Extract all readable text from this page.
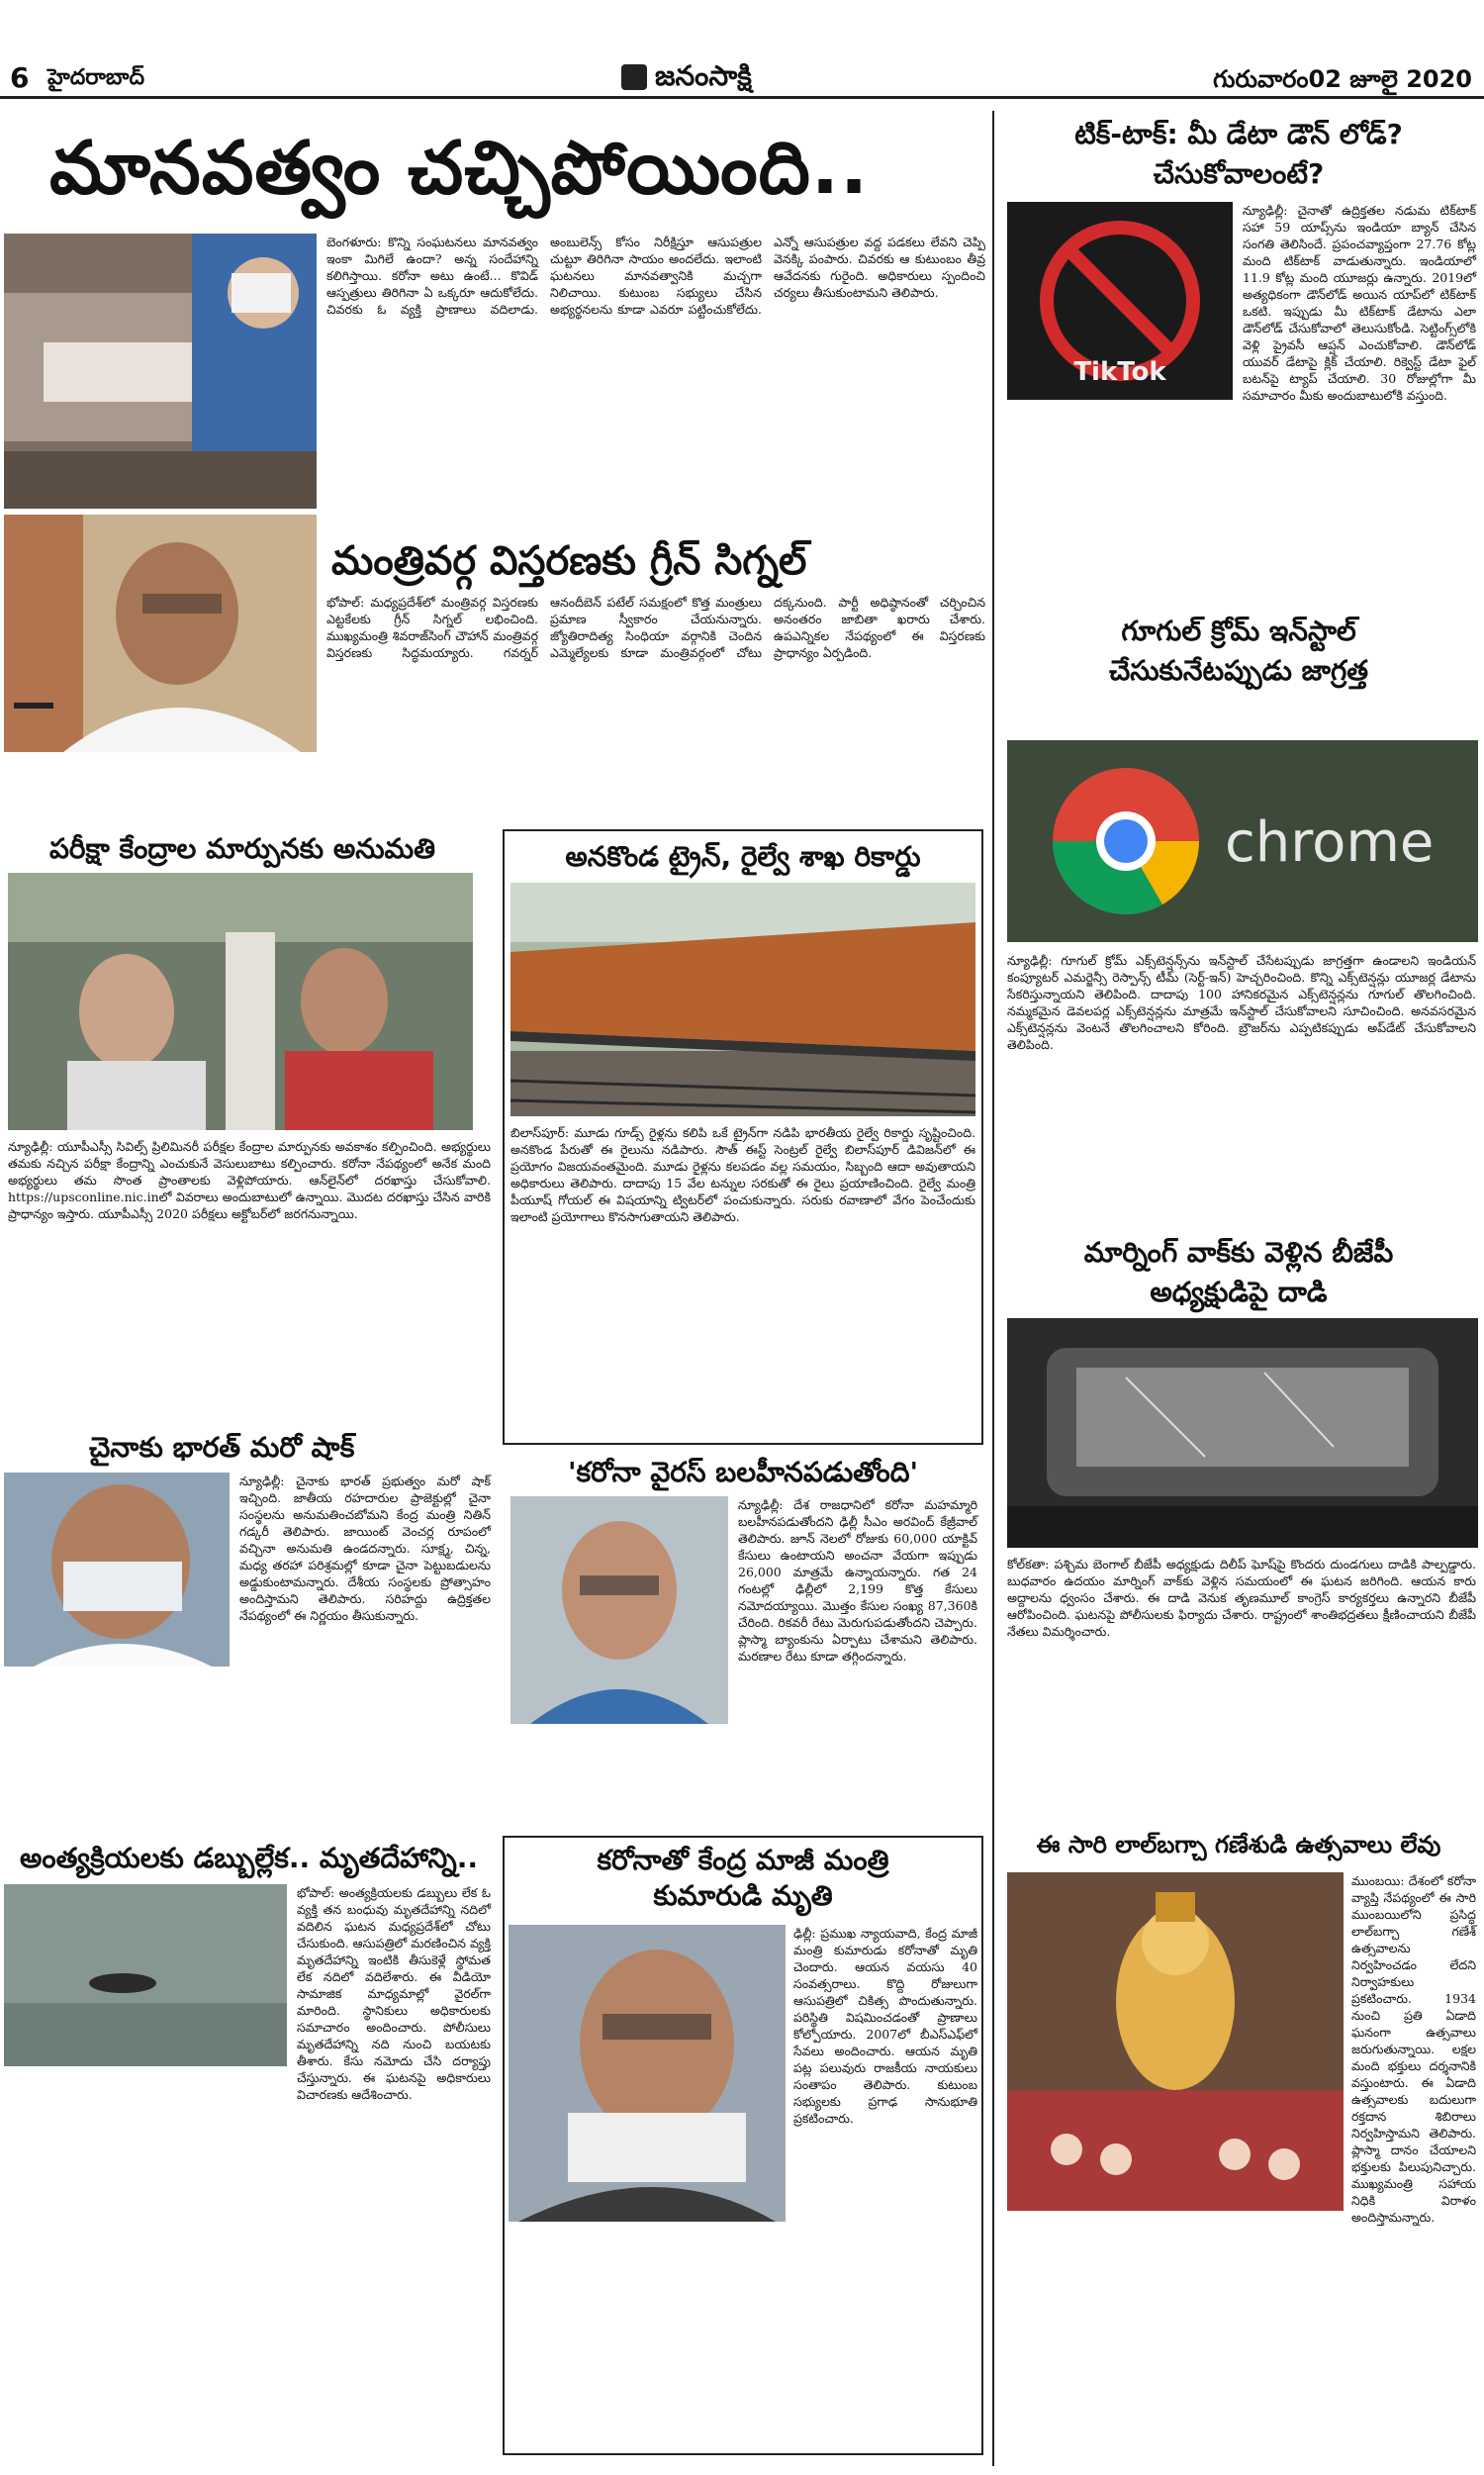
6 హైదరాబాద్‌	జనంసాక్షి	గురువారం02 జూలై 2020
మానవత్వం చచ్చిపోయింది..
బెంగళూరు: కొన్ని సంఘటనలు మానవత్వం ఇంకా మిగిలే ఉందా? అన్న సందేహాన్ని కలిగిస్తాయి. కరోనా అటు ఉంటే... కొవిడ్‌ ఆస్పత్రులు తిరిగినా ఏ ఒక్కరూ ఆదుకోలేదు. చివరకు ఓ వ్యక్తి ప్రాణాలు వదిలాడు. అంబులెన్స్‌ కోసం నిరీక్షిస్తూ ఆసుపత్రుల చుట్టూ తిరిగినా సాయం అందలేదు. ఇలాంటి ఘటనలు మానవత్వానికి మచ్చగా నిలిచాయి. కుటుంబ సభ్యులు చేసిన అభ్యర్థనలను కూడా ఎవరూ పట్టించుకోలేదు. ఎన్నో ఆసుపత్రుల వద్ద పడకలు లేవని చెప్పి వెనక్కి పంపారు. చివరకు ఆ కుటుంబం తీవ్ర ఆవేదనకు గురైంది. అధికారులు స్పందించి చర్యలు తీసుకుంటామని తెలిపారు.
మంత్రివర్గ విస్తరణకు గ్రీన్‌ సిగ్నల్‌
భోపాల్‌: మధ్యప్రదేశ్‌లో మంత్రివర్గ విస్తరణకు ఎట్టకేలకు గ్రీన్‌ సిగ్నల్‌ లభించింది. ముఖ్యమంత్రి శివరాజ్‌సింగ్‌ చౌహాన్‌ మంత్రివర్గ విస్తరణకు సిద్ధమయ్యారు. గవర్నర్‌ ఆనందీబెన్‌ పటేల్‌ సమక్షంలో కొత్త మంత్రులు ప్రమాణ స్వీకారం చేయనున్నారు. జ్యోతిరాదిత్య సింధియా వర్గానికి చెందిన ఎమ్మెల్యేలకు కూడా మంత్రివర్గంలో చోటు దక్కనుంది. పార్టీ అధిష్ఠానంతో చర్చించిన అనంతరం జాబితా ఖరారు చేశారు. ఉపఎన్నికల నేపథ్యంలో ఈ విస్తరణకు ప్రాధాన్యం ఏర్పడింది.
పరీక్షా కేంద్రాల మార్పునకు అనుమతి
న్యూఢిల్లీ: యూపీఎస్సీ సివిల్స్‌ ప్రిలిమినరీ పరీక్షల కేంద్రాల మార్పునకు అవకాశం కల్పించింది. అభ్యర్థులు తమకు నచ్చిన పరీక్షా కేంద్రాన్ని ఎంచుకునే వెసులుబాటు కల్పించారు. కరోనా నేపథ్యంలో అనేక మంది అభ్యర్థులు తమ సొంత ప్రాంతాలకు వెళ్లిపోయారు. ఆన్‌లైన్‌లో దరఖాస్తు చేసుకోవాలి. https://upsconline.nic.inలో వివరాలు అందుబాటులో ఉన్నాయి. మొదట దరఖాస్తు చేసిన వారికి ప్రాధాన్యం ఇస్తారు. యూపీఎస్సీ 2020 పరీక్షలు అక్టోబర్‌లో జరగనున్నాయి.
అనకొండ ట్రైన్‌, రైల్వే శాఖ రికార్డు
బిలాస్‌పూర్‌: మూడు గూడ్స్‌ రైళ్లను కలిపి ఒకే ట్రైన్‌గా నడిపి భారతీయ రైల్వే రికార్డు సృష్టించింది. అనకొండ పేరుతో ఈ రైలును నడిపారు. సౌత్‌ ఈస్ట్‌ సెంట్రల్‌ రైల్వే బిలాస్‌పూర్‌ డివిజన్‌లో ఈ ప్రయోగం విజయవంతమైంది. మూడు రైళ్లను కలపడం వల్ల సమయం, సిబ్బంది ఆదా అవుతాయని అధికారులు తెలిపారు. దాదాపు 15 వేల టన్నుల సరకుతో ఈ రైలు ప్రయాణించింది. రైల్వే మంత్రి పీయూష్‌ గోయల్‌ ఈ విషయాన్ని ట్విటర్‌లో పంచుకున్నారు. సరుకు రవాణాలో వేగం పెంచేందుకు ఇలాంటి ప్రయోగాలు కొనసాగుతాయని తెలిపారు.
చైనాకు భారత్‌ మరో షాక్‌
న్యూఢిల్లీ: చైనాకు భారత్‌ ప్రభుత్వం మరో షాక్‌ ఇచ్చింది. జాతీయ రహదారుల ప్రాజెక్టుల్లో చైనా సంస్థలను అనుమతించబోమని కేంద్ర మంత్రి నితిన్‌ గడ్కరీ తెలిపారు. జాయింట్‌ వెంచర్ల రూపంలో వచ్చినా అనుమతి ఉండదన్నారు. సూక్ష్మ, చిన్న, మధ్య తరహా పరిశ్రమల్లో కూడా చైనా పెట్టుబడులను అడ్డుకుంటామన్నారు. దేశీయ సంస్థలకు ప్రోత్సాహం అందిస్తామని తెలిపారు. సరిహద్దు ఉద్రిక్తతల నేపథ్యంలో ఈ నిర్ణయం తీసుకున్నారు.
'కరోనా వైరస్‌ బలహీనపడుతోంది'
న్యూఢిల్లీ: దేశ రాజధానిలో కరోనా మహమ్మారి బలహీనపడుతోందని ఢిల్లీ సీఎం అరవింద్‌ కేజ్రీవాల్‌ తెలిపారు. జూన్‌ నెలలో రోజుకు 60,000 యాక్టివ్‌ కేసులు ఉంటాయని అంచనా వేయగా ఇప్పుడు 26,000 మాత్రమే ఉన్నాయన్నారు. గత 24 గంటల్లో ఢిల్లీలో 2,199 కొత్త కేసులు నమోదయ్యాయి. మొత్తం కేసుల సంఖ్య 87,360కి చేరింది. రికవరీ రేటు మెరుగుపడుతోందని చెప్పారు. ప్లాస్మా బ్యాంకును ఏర్పాటు చేశామని తెలిపారు. మరణాల రేటు కూడా తగ్గిందన్నారు.
అంత్యక్రియలకు డబ్బుల్లేక.. మృతదేహాన్ని..
భోపాల్‌: అంత్యక్రియలకు డబ్బులు లేక ఓ వ్యక్తి తన బంధువు మృతదేహాన్ని నదిలో వదిలిన ఘటన మధ్యప్రదేశ్‌లో చోటు చేసుకుంది. ఆసుపత్రిలో మరణించిన వ్యక్తి మృతదేహాన్ని ఇంటికి తీసుకెళ్లే స్థోమత లేక నదిలో వదిలేశారు. ఈ వీడియో సామాజిక మాధ్యమాల్లో వైరల్‌గా మారింది. స్థానికులు అధికారులకు సమాచారం అందించారు. పోలీసులు మృతదేహాన్ని నది నుంచి బయటకు తీశారు. కేసు నమోదు చేసి దర్యాప్తు చేస్తున్నారు. ఈ ఘటనపై అధికారులు విచారణకు ఆదేశించారు.
కరోనాతో కేంద్ర మాజీ మంత్రి కుమారుడి మృతి
ఢిల్లీ: ప్రముఖ న్యాయవాది, కేంద్ర మాజీ మంత్రి కుమారుడు కరోనాతో మృతి చెందారు. ఆయన వయసు 40 సంవత్సరాలు. కొద్ది రోజులుగా ఆసుపత్రిలో చికిత్స పొందుతున్నారు. పరిస్థితి విషమించడంతో ప్రాణాలు కోల్పోయారు. 2007లో బీఎస్‌ఎఫ్‌లో సేవలు అందించారు. ఆయన మృతి పట్ల పలువురు రాజకీయ నాయకులు సంతాపం తెలిపారు. కుటుంబ సభ్యులకు ప్రగాఢ సానుభూతి ప్రకటించారు.
టిక్‌-టాక్‌: మీ డేటా డౌన్‌ లోడ్‌?
చేసుకోవాలంటే?
TikTok
న్యూఢిల్లీ: చైనాతో ఉద్రిక్తతల నడుమ టిక్‌టాక్‌ సహా 59 యాప్స్‌ను ఇండియా బ్యాన్‌ చేసిన సంగతి తెలిసిందే. ప్రపంచవ్యాప్తంగా 27.76 కోట్ల మంది టిక్‌టాక్‌ వాడుతున్నారు. ఇండియాలో 11.9 కోట్ల మంది యూజర్లు ఉన్నారు. 2019లో అత్యధికంగా డౌన్‌లోడ్‌ అయిన యాప్‌లో టిక్‌టాక్‌ ఒకటి. ఇప్పుడు మీ టిక్‌టాక్‌ డేటాను ఎలా డౌన్‌లోడ్‌ చేసుకోవాలో తెలుసుకోండి. సెట్టింగ్స్‌లోకి వెళ్లి ప్రైవసీ ఆప్షన్‌ ఎంచుకోవాలి. డౌన్‌లోడ్‌ యువర్‌ డేటాపై క్లిక్‌ చేయాలి. రిక్వెస్ట్‌ డేటా ఫైల్‌ బటన్‌పై ట్యాప్‌ చేయాలి. 30 రోజుల్లోగా మీ సమాచారం మీకు అందుబాటులోకి వస్తుంది.
గూగుల్‌ క్రోమ్‌ ఇన్‌స్టాల్‌
చేసుకునేటప్పుడు జాగ్రత్త
chrome
న్యూఢిల్లీ: గూగుల్‌ క్రోమ్‌ ఎక్స్‌టెన్షన్స్‌ను ఇన్‌స్టాల్‌ చేసేటప్పుడు జాగ్రత్తగా ఉండాలని ఇండియన్‌ కంప్యూటర్‌ ఎమర్జెన్సీ రెస్పాన్స్‌ టీమ్‌ (సెర్ట్‌-ఇన్‌) హెచ్చరించింది. కొన్ని ఎక్స్‌టెన్షన్లు యూజర్ల డేటాను సేకరిస్తున్నాయని తెలిపింది. దాదాపు 100 హానికరమైన ఎక్స్‌టెన్షన్లను గూగుల్‌ తొలగించింది. నమ్మకమైన డెవలపర్ల ఎక్స్‌టెన్షన్లను మాత్రమే ఇన్‌స్టాల్‌ చేసుకోవాలని సూచించింది. అనవసరమైన ఎక్స్‌టెన్షన్లను వెంటనే తొలగించాలని కోరింది. బ్రౌజర్‌ను ఎప్పటికప్పుడు అప్‌డేట్‌ చేసుకోవాలని తెలిపింది.
మార్నింగ్‌ వాక్‌కు వెళ్లిన బీజేపీ
అధ్యక్షుడిపై దాడి
కోల్‌కతా: పశ్చిమ బెంగాల్‌ బీజేపీ అధ్యక్షుడు దిలీప్‌ ఘోష్‌పై కొందరు దుండగులు దాడికి పాల్పడ్డారు. బుధవారం ఉదయం మార్నింగ్‌ వాక్‌కు వెళ్లిన సమయంలో ఈ ఘటన జరిగింది. ఆయన కారు అద్దాలను ధ్వంసం చేశారు. ఈ దాడి వెనుక తృణమూల్‌ కాంగ్రెస్‌ కార్యకర్తలు ఉన్నారని బీజేపీ ఆరోపించింది. ఘటనపై పోలీసులకు ఫిర్యాదు చేశారు. రాష్ట్రంలో శాంతిభద్రతలు క్షీణించాయని బీజేపీ నేతలు విమర్శించారు.
ఈ సారి లాల్‌బగ్చా గణేశుడి ఉత్సవాలు లేవు
ముంబయి: దేశంలో కరోనా వ్యాప్తి నేపథ్యంలో ఈ సారి ముంబయిలోని ప్రసిద్ధ లాల్‌బగ్చా గణేశ్‌ ఉత్సవాలను నిర్వహించడం లేదని నిర్వాహకులు ప్రకటించారు. 1934 నుంచి ప్రతి ఏడాది ఘనంగా ఉత్సవాలు జరుగుతున్నాయి. లక్షల మంది భక్తులు దర్శనానికి వస్తుంటారు. ఈ ఏడాది ఉత్సవాలకు బదులుగా రక్తదాన శిబిరాలు నిర్వహిస్తామని తెలిపారు. ప్లాస్మా దానం చేయాలని భక్తులకు పిలుపునిచ్చారు. ముఖ్యమంత్రి సహాయ నిధికి విరాళం అందిస్తామన్నారు.
